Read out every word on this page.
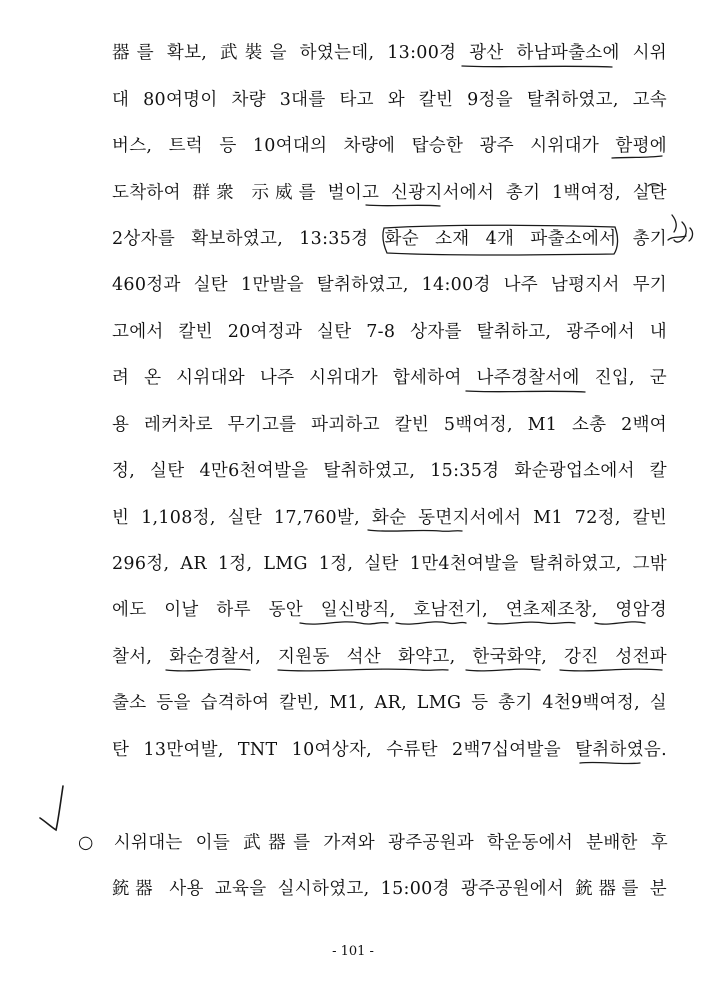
器를 확보, 武裝을 하였는데, 13:00경 광산 하남파출소에 시위
대 80여명이 차량 3대를 타고 와 칼빈 9정을 탈취하였고, 고속
버스, 트럭 등 10여대의 차량에 탑승한 광주 시위대가 함평에
도착하여 群衆 示威를 벌이고 신광지서에서 총기 1백여정, 실탄
2상자를 확보하였고, 13:35경 화순 소재 4개 파출소에서 총기
460정과 실탄 1만발을 탈취하였고, 14:00경 나주 남평지서 무기
고에서 칼빈 20여정과 실탄 7-8 상자를 탈취하고, 광주에서 내
려 온 시위대와 나주 시위대가 합세하여 나주경찰서에 진입, 군
용 레커차로 무기고를 파괴하고 칼빈 5백여정, M1 소총 2백여
정, 실탄 4만6천여발을 탈취하였고, 15:35경 화순광업소에서 칼
빈 1,108정, 실탄 17,760발, 화순 동면지서에서 M1 72정, 칼빈
296정, AR 1정, LMG 1정, 실탄 1만4천여발을 탈취하였고, 그밖
에도 이날 하루 동안 일신방직, 호남전기, 연초제조창, 영암경
찰서, 화순경찰서, 지원동 석산 화약고, 한국화약, 강진 성전파
출소 등을 습격하여 칼빈, M1, AR, LMG 등 총기 4천9백여정, 실
탄 13만여발, TNT 10여상자, 수류탄 2백7십여발을 탈취하였음.
○ 시위대는 이들 武器를 가져와 광주공원과 학운동에서 분배한 후
銃器 사용 교육을 실시하였고, 15:00경 광주공원에서 銃器를 분
- 101 -
